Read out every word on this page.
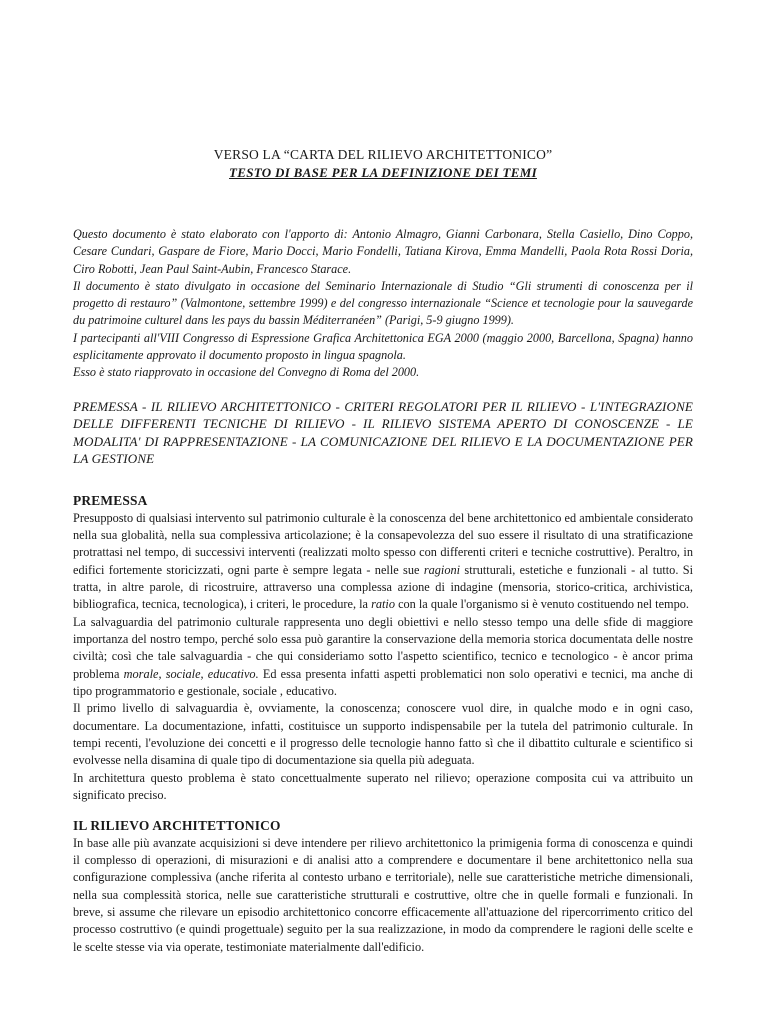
VERSO LA “CARTA DEL RILIEVO ARCHITETTONICO”
TESTO DI BASE PER LA DEFINIZIONE DEI TEMI

Questo documento è stato elaborato con l'apporto di: Antonio Almagro, Gianni Carbonara, Stella Casiello, Dino Coppo, Cesare Cundari, Gaspare de Fiore, Mario Docci, Mario Fondelli, Tatiana Kirova, Emma Mandelli, Paola Rota Rossi Doria, Ciro Robotti, Jean Paul Saint-Aubin, Francesco Starace.

Il documento è stato divulgato in occasione del Seminario Internazionale di Studio “Gli strumenti di conoscenza per il progetto di restauro” (Valmontone, settembre 1999) e del congresso internazionale “Science et tecnologie pour la sauvegarde du patrimoine culturel dans les pays du bassin Méditerranéen” (Parigi, 5-9 giugno 1999).

I partecipanti all'VIII Congresso di Espressione Grafica Architettonica EGA 2000 (maggio 2000, Barcellona, Spagna) hanno esplicitamente approvato il documento proposto in lingua spagnola.

Esso è stato riapprovato in occasione del Convegno di Roma del 2000.

PREMESSA - IL RILIEVO ARCHITETTONICO - CRITERI REGOLATORI PER IL RILIEVO - L'INTEGRAZIONE DELLE DIFFERENTI TECNICHE DI RILIEVO - IL RILIEVO SISTEMA APERTO DI CONOSCENZE - LE MODALITA' DI RAPPRESENTAZIONE - LA COMUNICAZIONE DEL RILIEVO E LA DOCUMENTAZIONE PER LA GESTIONE
PREMESSA

Presupposto di qualsiasi intervento sul patrimonio culturale è la conoscenza del bene architettonico ed ambientale considerato nella sua globalità, nella sua complessiva articolazione; è la consapevolezza del suo essere il risultato di una stratificazione protrattasi nel tempo, di successivi interventi (realizzati molto spesso con differenti criteri e tecniche costruttive). Peraltro, in edifici fortemente storicizzati, ogni parte è sempre legata - nelle sue ragioni strutturali, estetiche e funzionali - al tutto. Si tratta, in altre parole, di ricostruire, attraverso una complessa azione di indagine (mensoria, storico-critica, archivistica, bibliografica, tecnica, tecnologica), i criteri, le procedure, la ratio con la quale l'organismo si è venuto costituendo nel tempo.

La salvaguardia del patrimonio culturale rappresenta uno degli obiettivi e nello stesso tempo una delle sfide di maggiore importanza del nostro tempo, perché solo essa può garantire la conservazione della memoria storica documentata delle nostre civiltà; così che tale salvaguardia - che qui consideriamo sotto l'aspetto scientifico, tecnico e tecnologico - è ancor prima problema morale, sociale, educativo. Ed essa presenta infatti aspetti problematici non solo operativi e tecnici, ma anche di tipo programmatorio e gestionale, sociale , educativo.

Il primo livello di salvaguardia è, ovviamente, la conoscenza; conoscere vuol dire, in qualche modo e in ogni caso, documentare. La documentazione, infatti, costituisce un supporto indispensabile per la tutela del patrimonio culturale. In tempi recenti, l'evoluzione dei concetti e il progresso delle tecnologie hanno fatto sì che il dibattito culturale e scientifico si evolvesse nella disamina di quale tipo di documentazione sia quella più adeguata.

In architettura questo problema è stato concettualmente superato nel rilievo; operazione composita cui va attribuito un significato preciso.

IL RILIEVO ARCHITETTONICO

In base alle più avanzate acquisizioni si deve intendere per rilievo architettonico la primigenia forma di conoscenza e quindi il complesso di operazioni, di misurazioni e di analisi atto a comprendere e documentare il bene architettonico nella sua configurazione complessiva (anche riferita al contesto urbano e territoriale), nelle sue caratteristiche metriche dimensionali, nella sua complessità storica, nelle sue caratteristiche strutturali e costruttive, oltre che in quelle formali e funzionali. In breve, si assume che rilevare un episodio architettonico concorre efficacemente all'attuazione del ripercorrimento critico del processo costruttivo (e quindi progettuale) seguito per la sua realizzazione, in modo da comprendere le ragioni delle scelte e le scelte stesse via via operate, testimoniate materialmente dall'edificio.
